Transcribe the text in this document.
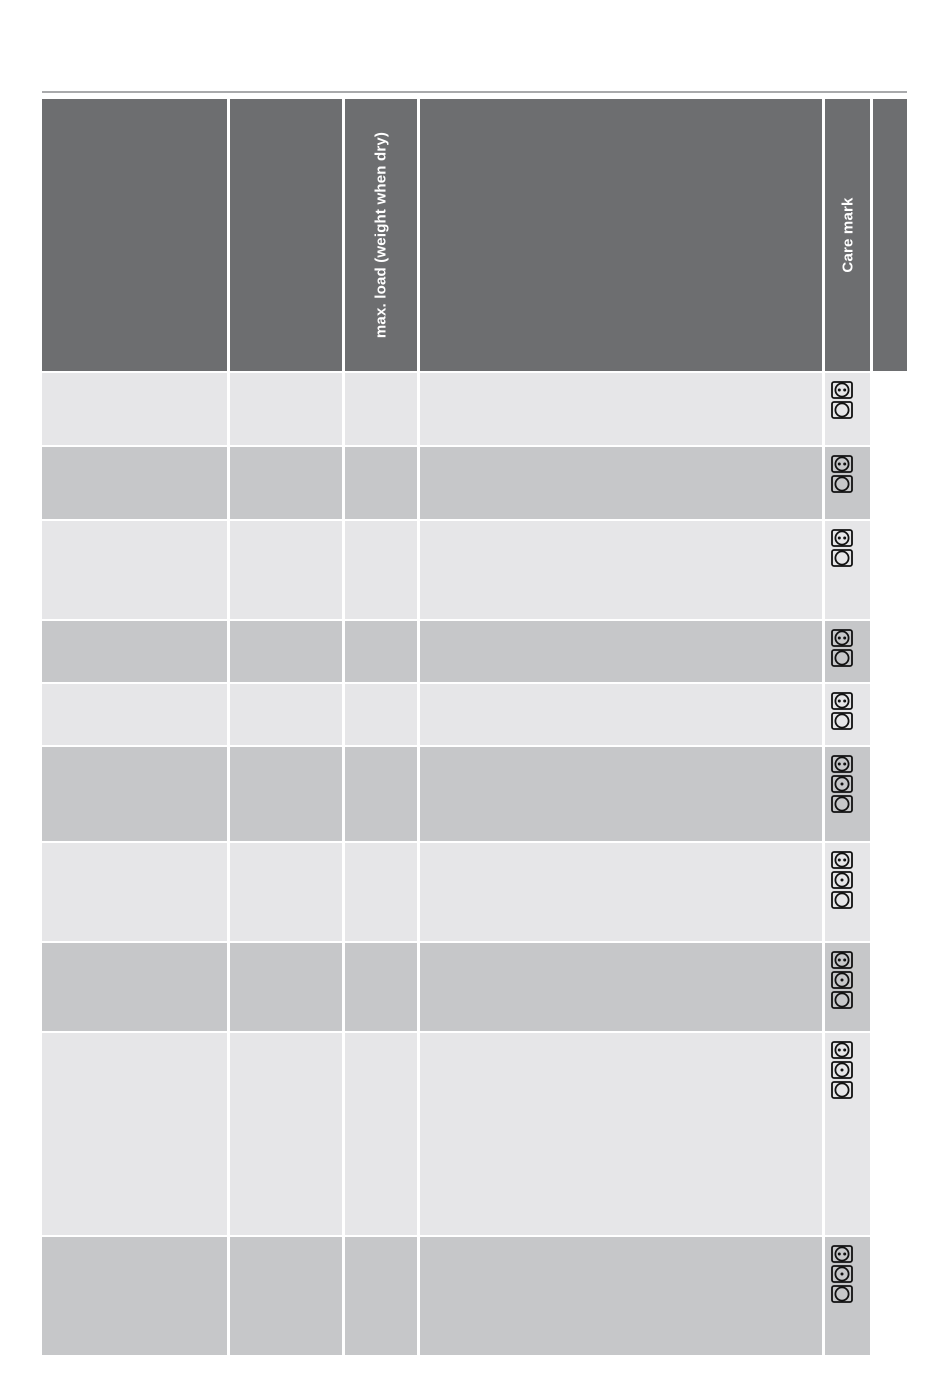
max. load (weight when dry)	Care mark
